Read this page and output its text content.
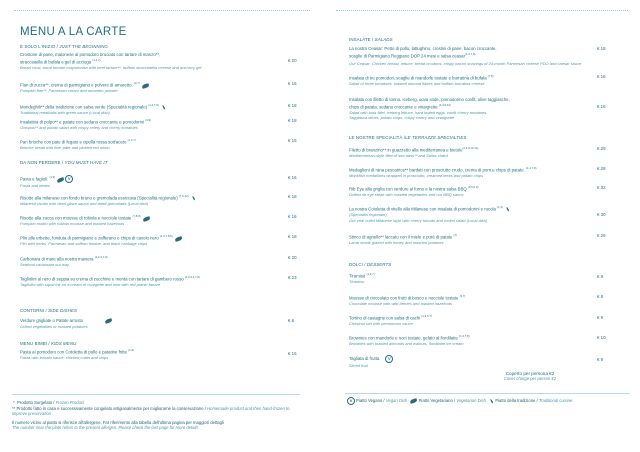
MENU A LA CARTE
È SOLO L'INIZIO / JUST THE BEGINNING
Crostone di pane, maionese al pomodoro bruciato con tartare di manzo**,
stracciatella di bufala e gel di acciuga $^{(1,4,7)}$
Bread crust, burnt tomato mayonnaise with beef tartare**, buffalo stracciatella cheese and anchovy gel
€ 20
Flan di zucca**, crema di parmigiano e polvere di amaretto. $^{(3,7)}$
Pumpkin flan**, Parmesan cream and amaretto powder
€ 16
Mondeghili** della tradizione con salsa verde (Specialità regionale) $^{(1,3,7,9)}$
Traditional meatballs with green sauce (Local dish)
€ 18
Insalatina di polpo** e patate con sedano croccante e pomodorini $^{(4,9)}$
Octopus** and potato salad with crispy celery and cherry tomatoes
€ 18
Pan brioche con pate di fegato e cipolla rossa sott'aceto $^{(1,3,7)}$
Brioche bread with liver pâté and pickled red onion
€ 15
DA NON PERDERE / YOU MUST HAVE IT
Pasta e fagioli. $^{(1,9)}$	V
Pasta and beans
€ 16
Risotto alla milanese con fondo bruno e gremolada essiccata (Specialità regionale) $^{(7,9,12)}$
Milanese risotto with demi-glace sauce and dried gremolada (Local dish)
€ 18
Risotto alla zucca con mousse di robiola e nocciole tostate $^{(7,8,9)}$
Pumpkin risotto with robiola mousse and toasted hazelnuts
€ 16
Plin alle erbette, fonduta di parmigiano e zafferano e chips di cavolo nero $^{(1,3,7,8,9)}$
Plin with herbs, Parmesan and saffron fondue, and black cabbage chips
€ 18
Carbonara di mare alla nostra maniera $^{(1,2,4,7,9)}$
Seafood carbonara our way
€ 20
Tagliolini al nero di seppia su crema di zucchine e menta con tartare di gambero rosso $^{(1,2,3,4,7,9)}$
Tagliolini with squid ink on a cream of courgette and mint with red prawn tartare
€ 23
CONTORNI / SIDE DISHES
Verdure grigliate o Patate arrosto
Grilled vegetables or roasted potatoes
€ 6
MENU BIMBI / KIDS MENU
Pasta al pomodoro con Cotoletta di pollo e patatine fritte $^{(1,9)}$
Pasta with tomato sauce, chicken cutlet and chips
€ 15
INSALATE / SALADS
La nostra Ceasar: Petto di pollo, lattughino, crostini di pane, bacon croccante,
scaglie di Parmigiano Reggiano DOP 24 mesi e salsa ceasar$^{(1,3,7,8)}$
Our Ceasar: Chicken breast, lettuce, bread croutons, crispy bacon shavings of 24-month Parmesan cheese PDO and caesar sauce
€ 18
Insalata di tre pomodori, scaglie di mandorle tostate e burratina di bufala $^{(7,8)}$
Salad of three tomatoes, toasted almond flakes and buffalo burratina cheese
€ 16
Insalata con filetto di tonno, iceberg, uova sode, pomodorino confit, olive taggiasche,
chips di patata, sedano croccante e vinaigrette $^{(3,4,9,12)}$
Salad with tuna fillet, iceberg lettuce, hard boiled eggs, confit cherry tomatoes,
Taggiasca olives, potato chips, crispy celery and vinaigrette
€ 16
LE NOSTRE SPECIALITÀ /LE TERRAZZE SPECIALTIES
Filetto di branzino** in guazzetto alla mediterranea e bietole$^{(2,4,9,12,14)}$
Mediterranean-style fillet of sea bass** and Swiss chard
€ 28
Medaglioni di rana pescatrice** bardati con prosciutto crudo, crema di porri e chips di patate. $^{(1,4,7,9)}$
Monkfish medallions wrapped in prosciutto, creamed leeks and potato chips
€ 28
Rib Eye alla griglia con verdure al forno e la nostra salsa BBQ $^{(3,5,6,9)}$
Grilled rib eye steak with roasted vegetables and our BBQ sauce
€ 32
La nostra Cotoletta di vitello alla Milanese con insalata di pomodorini e rucola $^{(1,3)}$
(Specialità regionale)
Our veal cutlet Milanese style with cherry tomato and rocket salad (Local dish)
€ 30
Stinco di agnello** laccato con il miele e purè di patate $^{(7)}$
Lamb shank glazed with honey and mashed potatoes
€ 26
DOLCI / DESSERTS
Tiramisù $^{(1,3,7)}$
Tiramisu
€ 8
Mousse di cioccolato con frutti di bosco e nocciole tostate $^{(3,7)}$
Chocolate mousse with wild berries and toasted hazelnuts
€ 8
Tortino di castagne con salsa di cachi $^{(1,3,5,7)}$
Chestnut tart with persimmon sauce
€ 9
Brownies con mandorle e noci tostate, gelato al fiordilatte $^{(1,3,7,8)}$
Brownies with toasted almonds and walnuts, fiordilatte ice cream
€ 10
Tagliata di frutta V
Sliced fruit
€ 9
Coperto per persona €2
Cover charge per person €2
* Prodotto Surgelato / Frozen Product
** Prodotto fatto in casa e successivamente congelato artigianalmente per migliorarne la conservazione / Homemade product and then hand-frozen to improve preservation
Il numero vicino al piatto si riferisce all'allergene. Far riferimento alla tabella dell'ultima pagina per maggiori dettagli
The number near the plate refers to the present allergen. Please check the last page for more details
V Piatto Vegano / Vegan Dish	Piatto Vegetariano / Vegetarian Dish Piatto della tradizione / Traditional cuisine
